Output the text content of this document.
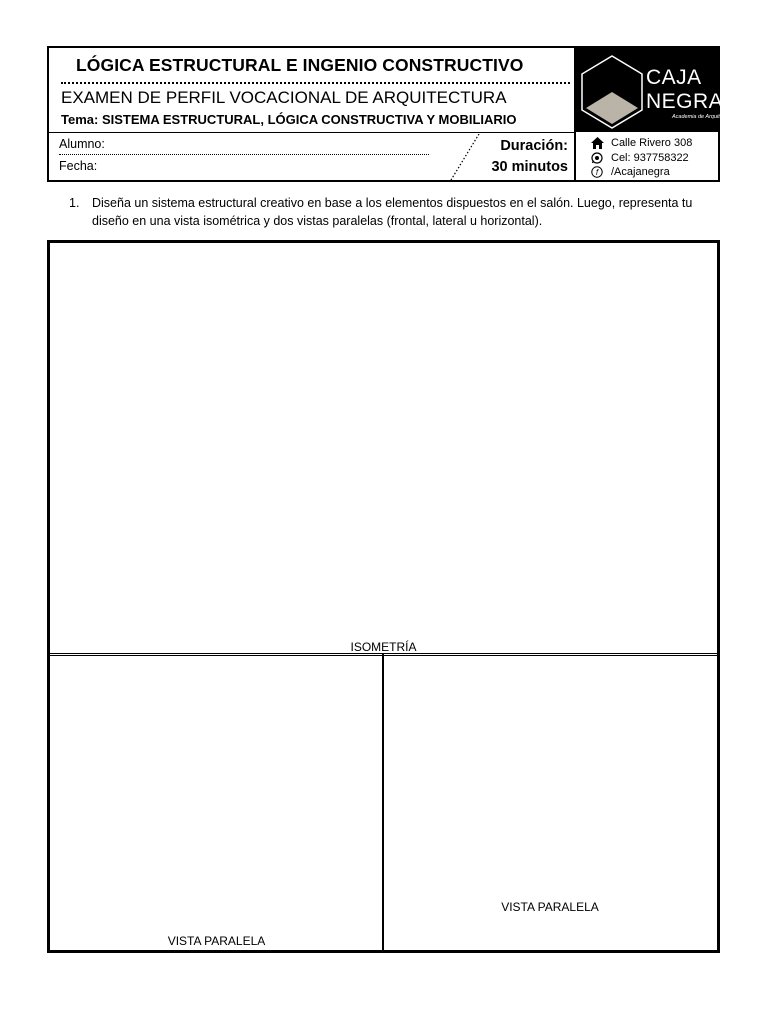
LÓGICA ESTRUCTURAL E INGENIO CONSTRUCTIVO
EXAMEN DE PERFIL VOCACIONAL DE ARQUITECTURA
Tema: SISTEMA ESTRUCTURAL, LÓGICA CONSTRUCTIVA Y MOBILIARIO
Alumno:
Fecha:
Duración:
30 minutos
CAJA
NEGRA
Academia de Arquitectura
Calle Rivero 308
Cel: 937758322
f /Acajanegra
1. Diseña un sistema estructural creativo en base a los elementos dispuestos en el salón. Luego, representa tu diseño en una vista isométrica y dos vistas paralelas (frontal, lateral u horizontal).
ISOMETRÍA
VISTA PARALELA
VISTA PARALELA
